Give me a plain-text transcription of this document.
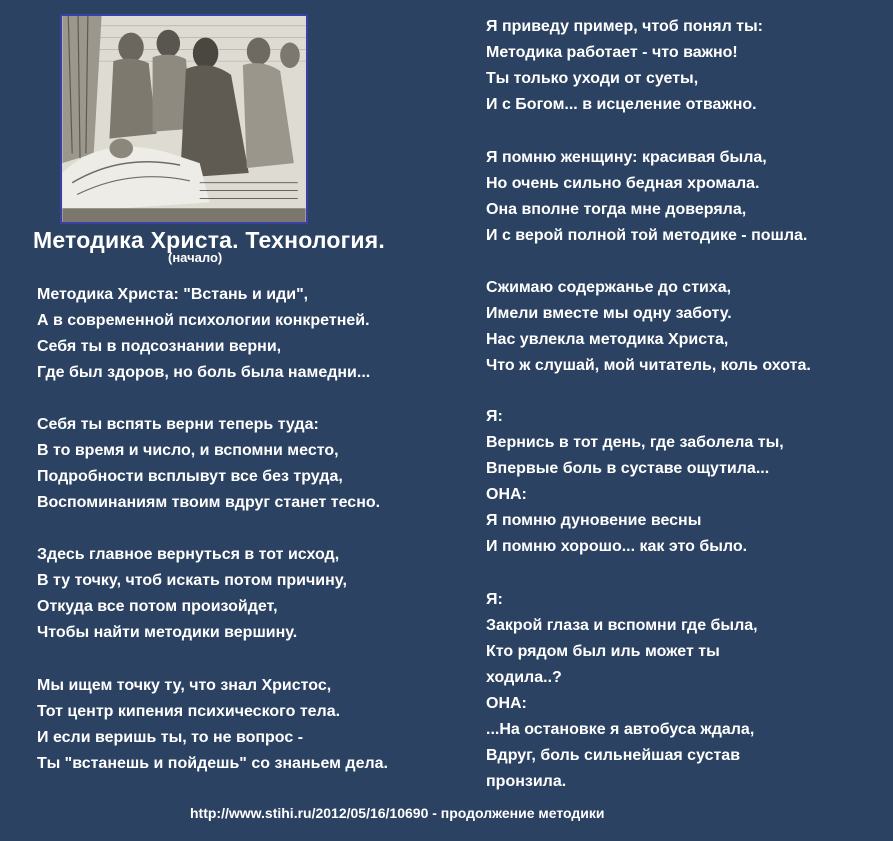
Методика Христа. Технология.
(начало)
Методика Христа: "Встань и иди",
А в современной психологии конкретней.
Себя ты в подсознании верни,
Где был здоров, но боль была намедни...
Себя ты вспять верни теперь туда:
В то время и число, и вспомни место,
Подробности всплывут все без труда,
Воспоминаниям твоим вдруг станет тесно.
Здесь главное вернуться в тот исход,
В ту точку, чтоб искать потом причину,
Откуда все потом произойдет,
Чтобы найти методики вершину.
Мы ищем точку ту, что знал Христос,
Тот центр кипения психического тела.
И если веришь ты, то не вопрос -
Ты "встанешь и пойдешь" со знаньем дела.
Я приведу пример, чтоб понял ты:
Методика работает - что важно!
Ты только уходи от суеты,
И с Богом... в исцеление отважно.
Я помню женщину: красивая была,
Но очень сильно бедная хромала.
Она вполне тогда мне доверяла,
И с верой полной той методике - пошла.
Сжимаю содержанье до стиха,
Имели вместе мы одну заботу.
Нас увлекла методика Христа,
Что ж слушай, мой читатель, коль охота.
Я:
Вернись в тот день, где заболела ты,
Впервые боль в суставе ощутила...
ОНА:
Я помню дуновение весны
И помню хорошо... как это было.
Я:
Закрой глаза и вспомни где была,
Кто рядом был иль может ты
ходила..?
ОНА:
...На остановке я автобуса ждала,
Вдруг, боль сильнейшая сустав
пронзила.
http://www.stihi.ru/2012/05/16/10690 - продолжение методики
